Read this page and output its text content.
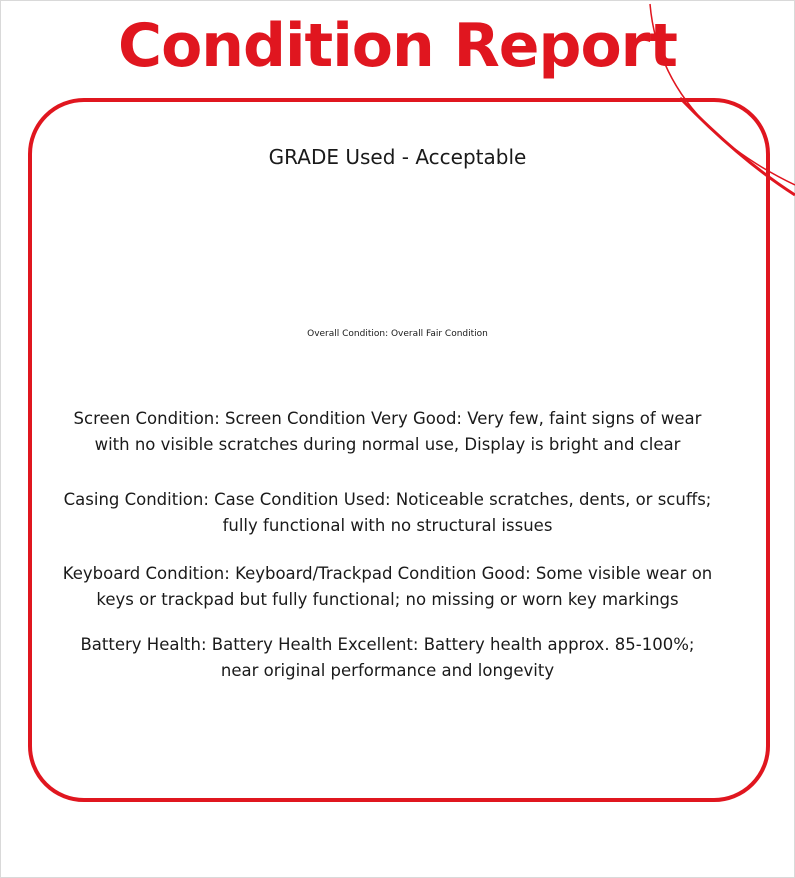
Condition Report
GRADE Used - Acceptable
Overall Condition: Overall Fair Condition
Screen Condition: Screen Condition Very Good: Very few, faint signs of wear with no visible scratches during normal use, Display is bright and clear
Casing Condition: Case Condition Used: Noticeable scratches, dents, or scuffs; fully functional with no structural issues
Keyboard Condition: Keyboard/Trackpad Condition Good: Some visible wear on keys or trackpad but fully functional; no missing or worn key markings
Battery Health: Battery Health Excellent: Battery health approx. 85-100%; near original performance and longevity
